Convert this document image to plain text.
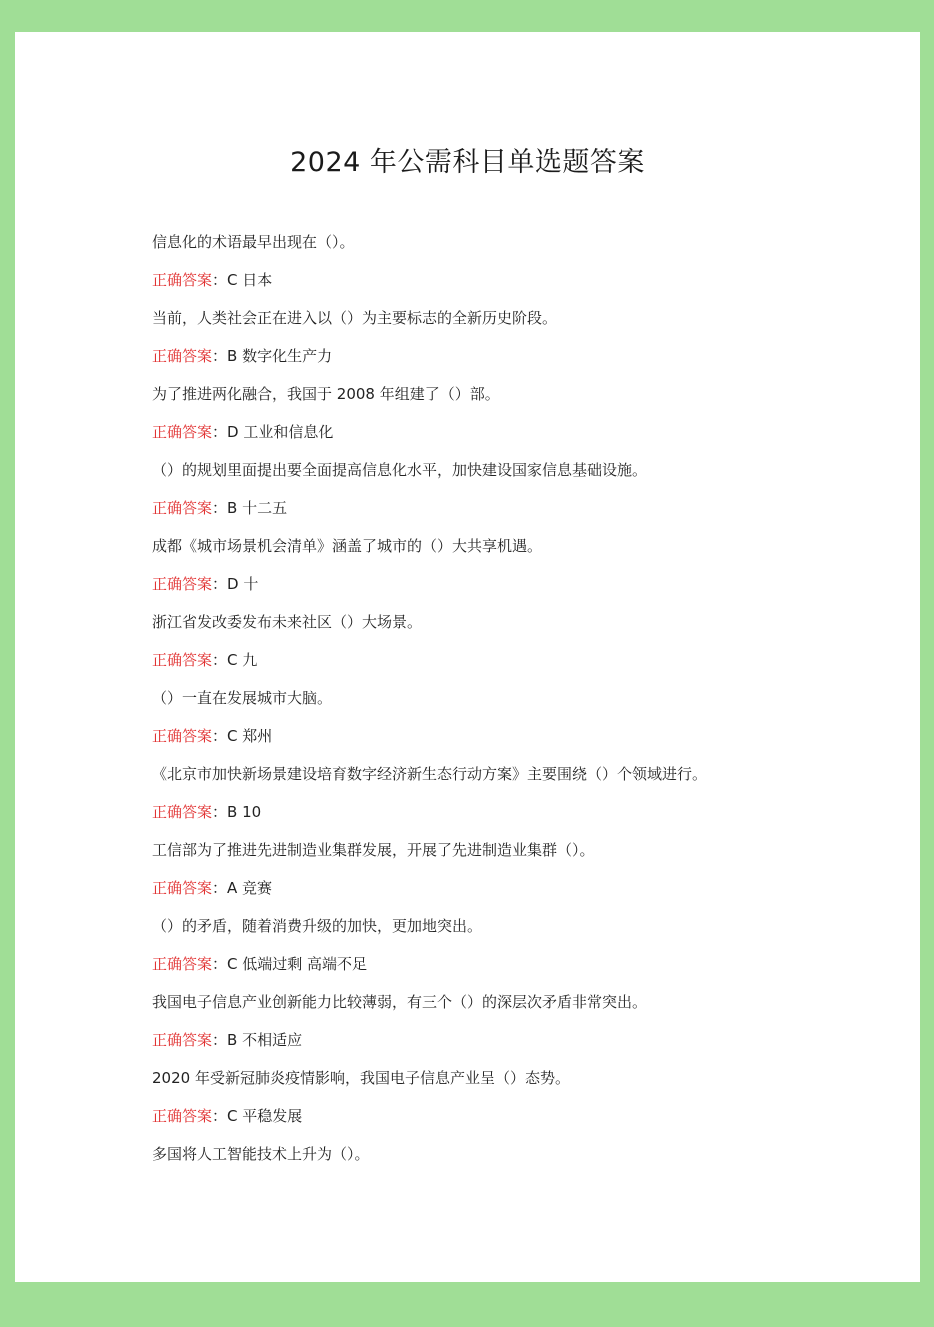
2024 年公需科目单选题答案
信息化的术语最早出现在（）。
正确答案：C 日本
当前，人类社会正在进入以（）为主要标志的全新历史阶段。
正确答案：B 数字化生产力
为了推进两化融合，我国于 2008 年组建了（）部。
正确答案：D 工业和信息化
（）的规划里面提出要全面提高信息化水平，加快建设国家信息基础设施。
正确答案：B 十二五
成都《城市场景机会清单》涵盖了城市的（）大共享机遇。
正确答案：D 十
浙江省发改委发布未来社区（）大场景。
正确答案：C 九
（）一直在发展城市大脑。
正确答案：C 郑州
《北京市加快新场景建设培育数字经济新生态行动方案》主要围绕（）个领域进行。
正确答案：B 10
工信部为了推进先进制造业集群发展，开展了先进制造业集群（）。
正确答案：A 竞赛
（）的矛盾，随着消费升级的加快，更加地突出。
正确答案：C 低端过剩 高端不足
我国电子信息产业创新能力比较薄弱，有三个（）的深层次矛盾非常突出。
正确答案：B 不相适应
2020 年受新冠肺炎疫情影响，我国电子信息产业呈（）态势。
正确答案：C 平稳发展
多国将人工智能技术上升为（）。
